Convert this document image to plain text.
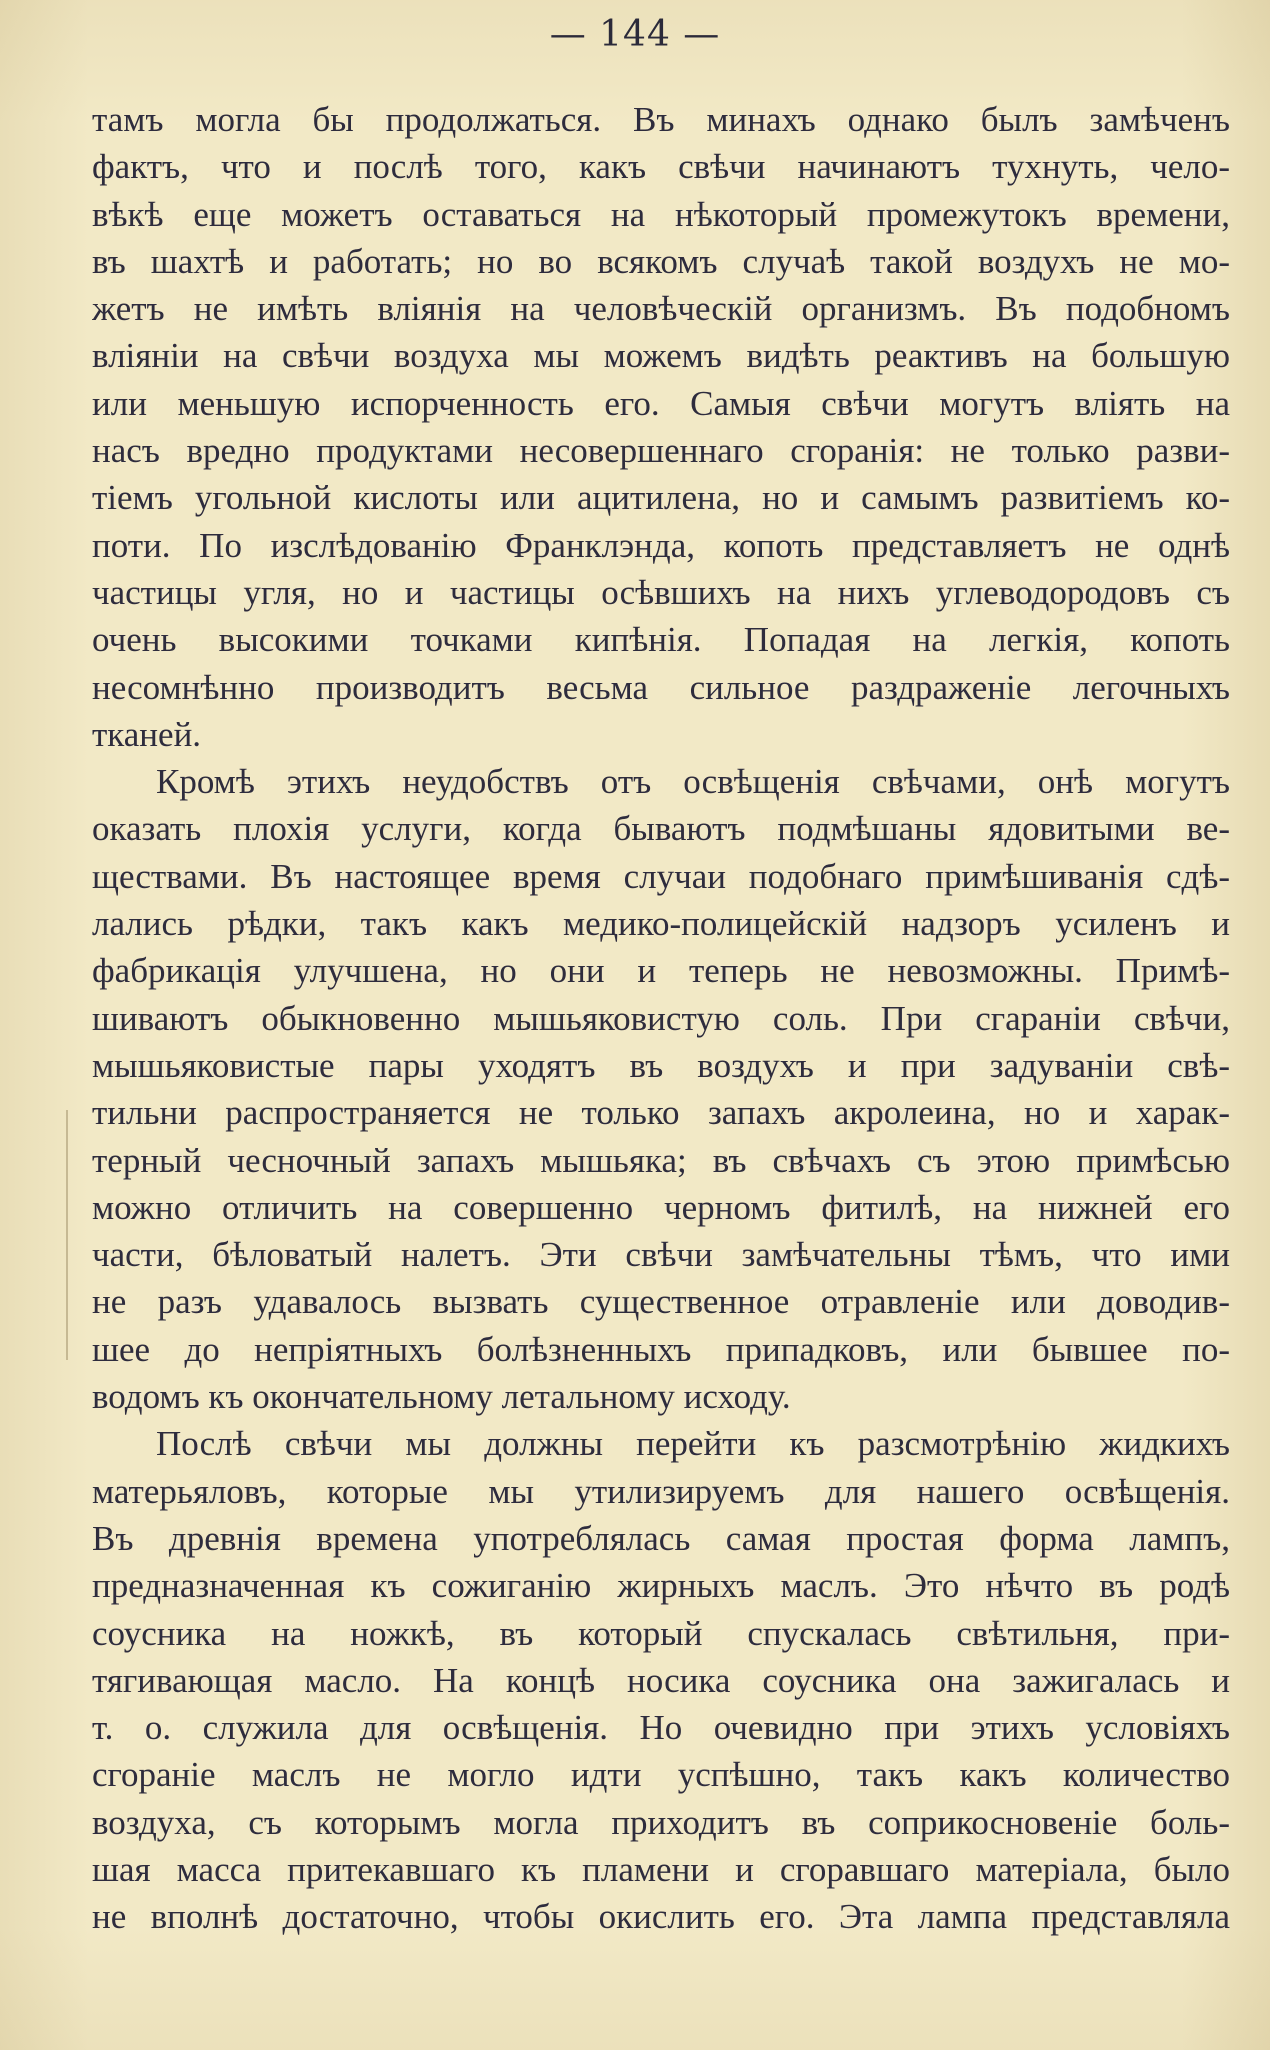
— 144 —
тамъ могла бы продолжаться. Въ минахъ однако былъ замѣченъ
фактъ, что и послѣ того, какъ свѣчи начинаютъ тухнуть, чело-
вѣкѣ еще можетъ оставаться на нѣкоторый промежутокъ времени,
въ шахтѣ и работать; но во всякомъ случаѣ такой воздухъ не мо-
жетъ не имѣть вліянія на человѣческій организмъ. Въ подобномъ
вліяніи на свѣчи воздуха мы можемъ видѣть реактивъ на большую
или меньшую испорченность его. Самыя свѣчи могутъ вліять на
насъ вредно продуктами несовершеннаго сгоранія: не только разви-
тіемъ угольной кислоты или ацитилена, но и самымъ развитіемъ ко-
поти. По изслѣдованію Франклэнда, копоть представляетъ не однѣ
частицы угля, но и частицы осѣвшихъ на нихъ углеводородовъ съ
очень высокими точками кипѣнія. Попадая на легкія, копоть
несомнѣнно производитъ весьма сильное раздраженіе легочныхъ
тканей.
Кромѣ этихъ неудобствъ отъ освѣщенія свѣчами, онѣ могутъ
оказать плохія услуги, когда бываютъ подмѣшаны ядовитыми ве-
ществами. Въ настоящее время случаи подобнаго примѣшиванія сдѣ-
лались рѣдки, такъ какъ медико-полицейскій надзоръ усиленъ и
фабрикація улучшена, но они и теперь не невозможны. Примѣ-
шиваютъ обыкновенно мышьяковистую соль. При сгараніи свѣчи,
мышьяковистые пары уходятъ въ воздухъ и при задуваніи свѣ-
тильни распространяется не только запахъ акролеина, но и харак-
терный чесночный запахъ мышьяка; въ свѣчахъ съ этою примѣсью
можно отличить на совершенно черномъ фитилѣ, на нижней его
части, бѣловатый налетъ. Эти свѣчи замѣчательны тѣмъ, что ими
не разъ удавалось вызвать существенное отравленіе или доводив-
шее до непріятныхъ болѣзненныхъ припадковъ, или бывшее по-
водомъ къ окончательному летальному исходу.
Послѣ свѣчи мы должны перейти къ разсмотрѣнію жидкихъ
матерьяловъ, которые мы утилизируемъ для нашего освѣщенія.
Въ древнія времена употреблялась самая простая форма лампъ,
предназначенная къ сожиганію жирныхъ маслъ. Это нѣчто въ родѣ
соусника на ножкѣ, въ который спускалась свѣтильня, при-
тягивающая масло. На концѣ носика соусника она зажигалась и
т. о. служила для освѣщенія. Но очевидно при этихъ условіяхъ
сгораніе маслъ не могло идти успѣшно, такъ какъ количество
воздуха, съ которымъ могла приходитъ въ соприкосновеніе боль-
шая масса притекавшаго къ пламени и сгоравшаго матеріала, было
не вполнѣ достаточно, чтобы окислить его. Эта лампа представляла
